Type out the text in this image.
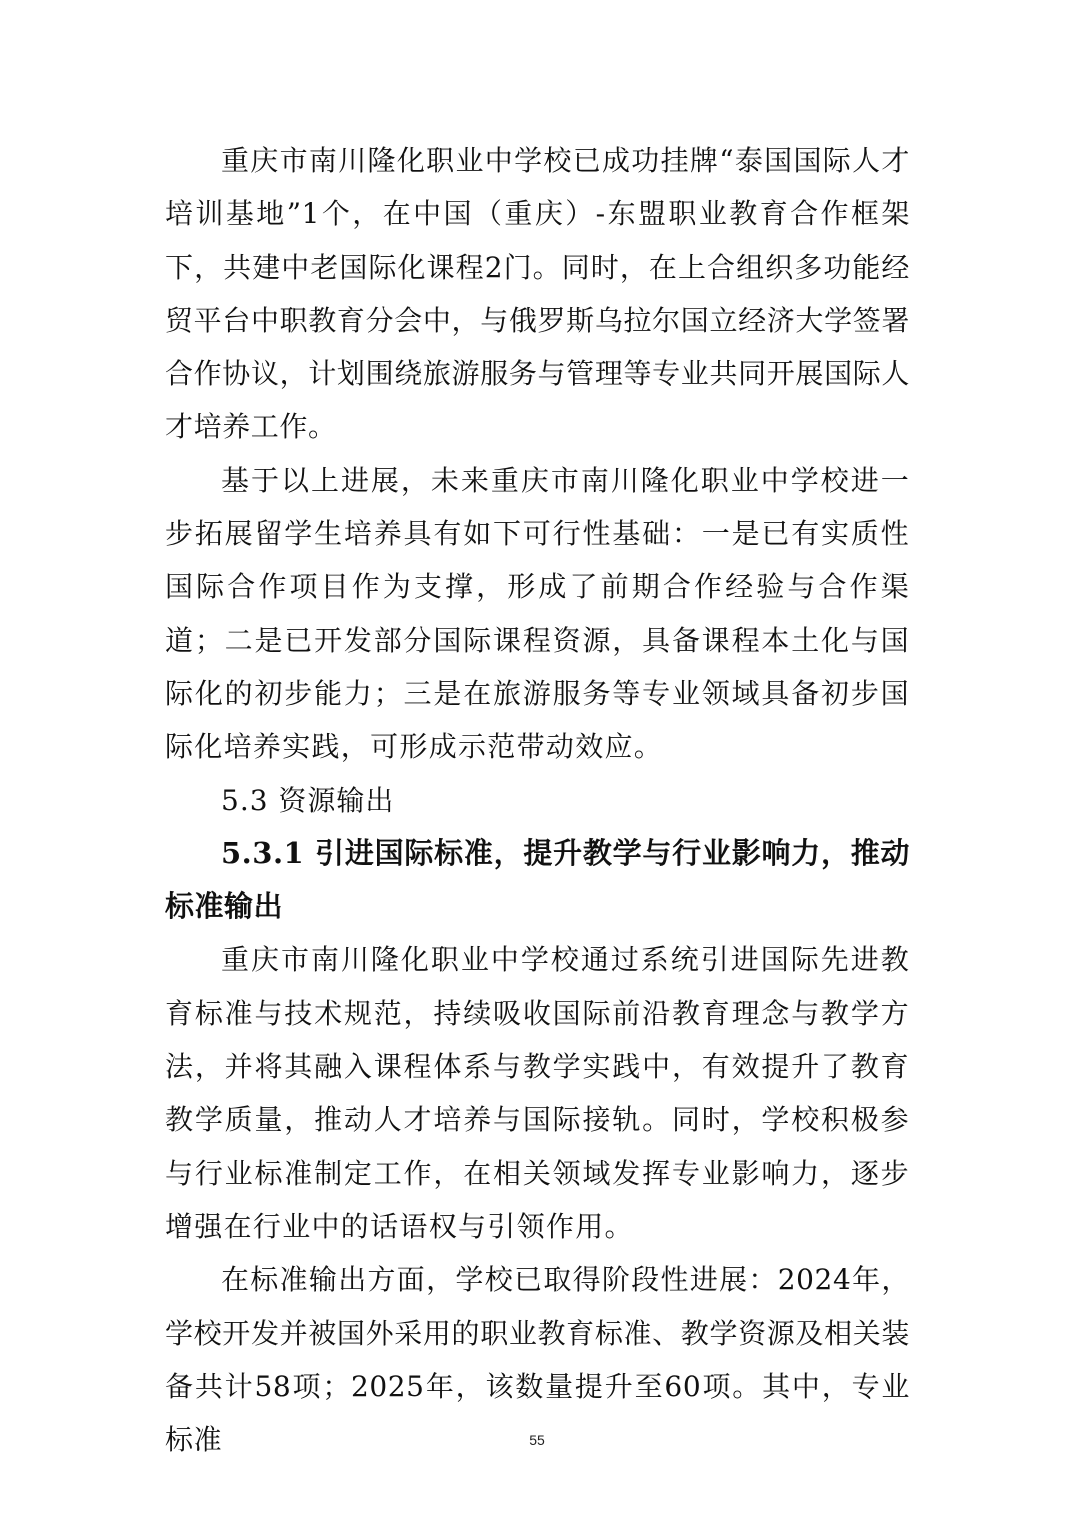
重庆市南川隆化职业中学校已成功挂牌“泰国国际人才培训基地”1个，在中国（重庆）-东盟职业教育合作框架下，共建中老国际化课程2门。同时，在上合组织多功能经贸平台中职教育分会中，与俄罗斯乌拉尔国立经济大学签署合作协议，计划围绕旅游服务与管理等专业共同开展国际人才培养工作。

基于以上进展，未来重庆市南川隆化职业中学校进一步拓展留学生培养具有如下可行性基础：一是已有实质性国际合作项目作为支撑，形成了前期合作经验与合作渠道；二是已开发部分国际课程资源，具备课程本土化与国际化的初步能力；三是在旅游服务等专业领域具备初步国际化培养实践，可形成示范带动效应。

5.3 资源输出

5.3.1 引进国际标准，提升教学与行业影响力，推动标准输出

重庆市南川隆化职业中学校通过系统引进国际先进教育标准与技术规范，持续吸收国际前沿教育理念与教学方法，并将其融入课程体系与教学实践中，有效提升了教育教学质量，推动人才培养与国际接轨。同时，学校积极参与行业标准制定工作，在相关领域发挥专业影响力，逐步增强在行业中的话语权与引领作用。

在标准输出方面，学校已取得阶段性进展：2024年，学校开发并被国外采用的职业教育标准、教学资源及相关装备共计58项；2025年，该数量提升至60项。其中，专业标准	55
